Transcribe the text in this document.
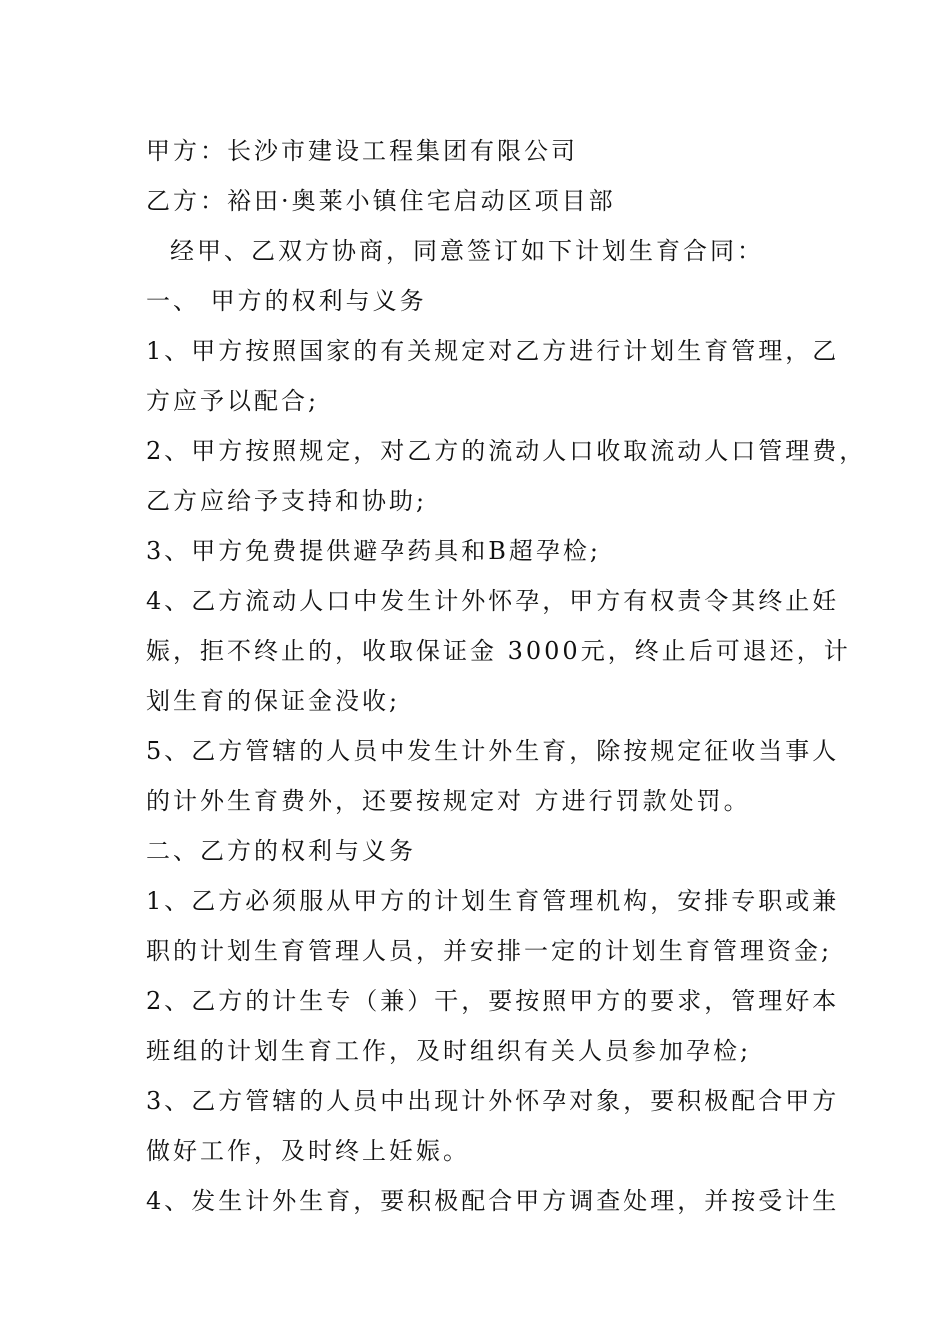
甲方：长沙市建设工程集团有限公司
乙方：裕田·奥莱小镇住宅启动区项目部
经甲、乙双方协商，同意签订如下计划生育合同：
一、 甲方的权利与义务
1、甲方按照国家的有关规定对乙方进行计划生育管理，乙
方应予以配合;
2、甲方按照规定，对乙方的流动人口收取流动人口管理费，
乙方应给予支持和协助;
3、甲方免费提供避孕药具和B超孕检;
4、乙方流动人口中发生计外怀孕，甲方有权责令其终止妊
娠，拒不终止的，收取保证金 3000元，终止后可退还，计
划生育的保证金没收;
5、乙方管辖的人员中发生计外生育，除按规定征收当事人
的计外生育费外，还要按规定对 方进行罚款处罚。
二、乙方的权利与义务
1、乙方必须服从甲方的计划生育管理机构，安排专职或兼
职的计划生育管理人员，并安排一定的计划生育管理资金;
2、乙方的计生专（兼）干，要按照甲方的要求，管理好本
班组的计划生育工作，及时组织有关人员参加孕检;
3、乙方管辖的人员中出现计外怀孕对象，要积极配合甲方
做好工作，及时终上妊娠。
4、发生计外生育，要积极配合甲方调查处理，并按受计生
